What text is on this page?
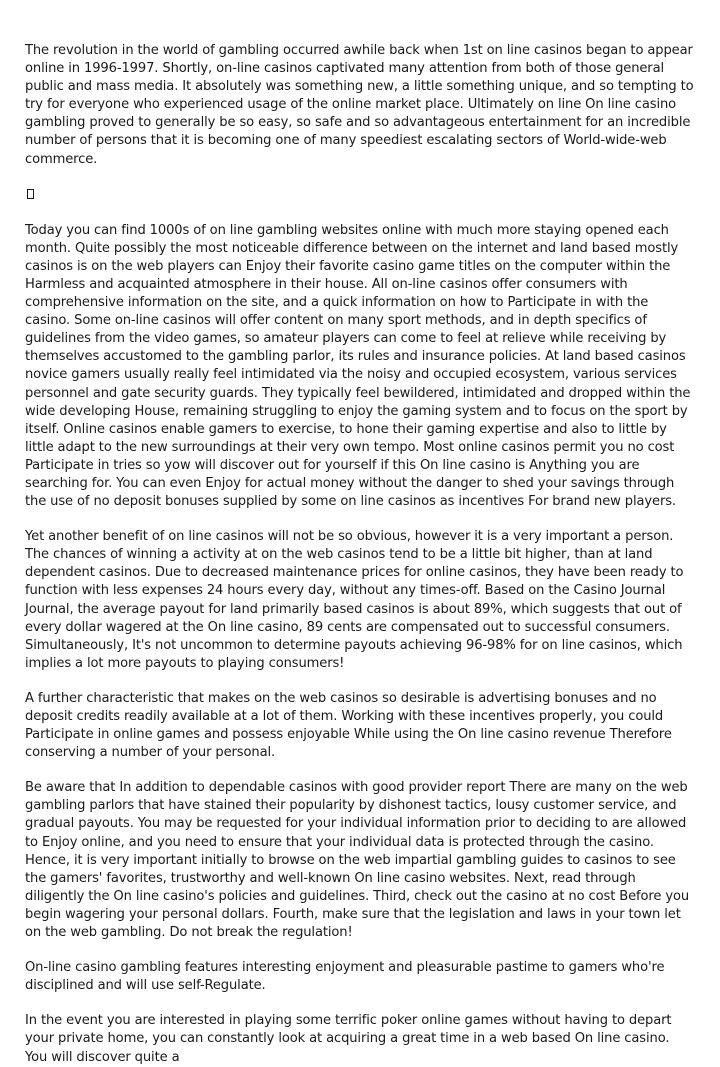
The revolution in the world of gambling occurred awhile back when 1st on line casinos began to appear online in 1996-1997. Shortly, on-line casinos captivated many attention from both of those general public and mass media. It absolutely was something new, a little something unique, and so tempting to try for everyone who experienced usage of the online market place. Ultimately on line On line casino gambling proved to generally be so easy, so safe and so advantageous entertainment for an incredible number of persons that it is becoming one of many speediest escalating sectors of World-wide-web commerce.

Today you can find 1000s of on line gambling websites online with much more staying opened each month. Quite possibly the most noticeable difference between on the internet and land based mostly casinos is on the web players can Enjoy their favorite casino game titles on the computer within the Harmless and acquainted atmosphere in their house. All on-line casinos offer consumers with comprehensive information on the site, and a quick information on how to Participate in with the casino. Some on-line casinos will offer content on many sport methods, and in depth specifics of guidelines from the video games, so amateur players can come to feel at relieve while receiving by themselves accustomed to the gambling parlor, its rules and insurance policies. At land based casinos novice gamers usually really feel intimidated via the noisy and occupied ecosystem, various services personnel and gate security guards. They typically feel bewildered, intimidated and dropped within the wide developing House, remaining struggling to enjoy the gaming system and to focus on the sport by itself. Online casinos enable gamers to exercise, to hone their gaming expertise and also to little by little adapt to the new surroundings at their very own tempo. Most online casinos permit you no cost Participate in tries so yow will discover out for yourself if this On line casino is Anything you are searching for. You can even Enjoy for actual money without the danger to shed your savings through the use of no deposit bonuses supplied by some on line casinos as incentives For brand new players.

Yet another benefit of on line casinos will not be so obvious, however it is a very important a person. The chances of winning a activity at on the web casinos tend to be a little bit higher, than at land dependent casinos. Due to decreased maintenance prices for online casinos, they have been ready to function with less expenses 24 hours every day, without any times-off. Based on the Casino Journal Journal, the average payout for land primarily based casinos is about 89%, which suggests that out of every dollar wagered at the On line casino, 89 cents are compensated out to successful consumers. Simultaneously, It's not uncommon to determine payouts achieving 96-98% for on line casinos, which implies a lot more payouts to playing consumers!

A further characteristic that makes on the web casinos so desirable is advertising bonuses and no deposit credits readily available at a lot of them. Working with these incentives properly, you could Participate in online games and possess enjoyable While using the On line casino revenue Therefore conserving a number of your personal.

Be aware that In addition to dependable casinos with good provider report There are many on the web gambling parlors that have stained their popularity by dishonest tactics, lousy customer service, and gradual payouts. You may be requested for your individual information prior to deciding to are allowed to Enjoy online, and you need to ensure that your individual data is protected through the casino. Hence, it is very important initially to browse on the web impartial gambling guides to casinos to see the gamers' favorites, trustworthy and well-known On line casino websites. Next, read through diligently the On line casino's policies and guidelines. Third, check out the casino at no cost Before you begin wagering your personal dollars. Fourth, make sure that the legislation and laws in your town let on the web gambling. Do not break the regulation!

On-line casino gambling features interesting enjoyment and pleasurable pastime to gamers who're disciplined and will use self-Regulate.

In the event you are interested in playing some terrific poker online games without having to depart your private home, you can constantly look at acquiring a great time in a web based On line casino. You will discover quite a
